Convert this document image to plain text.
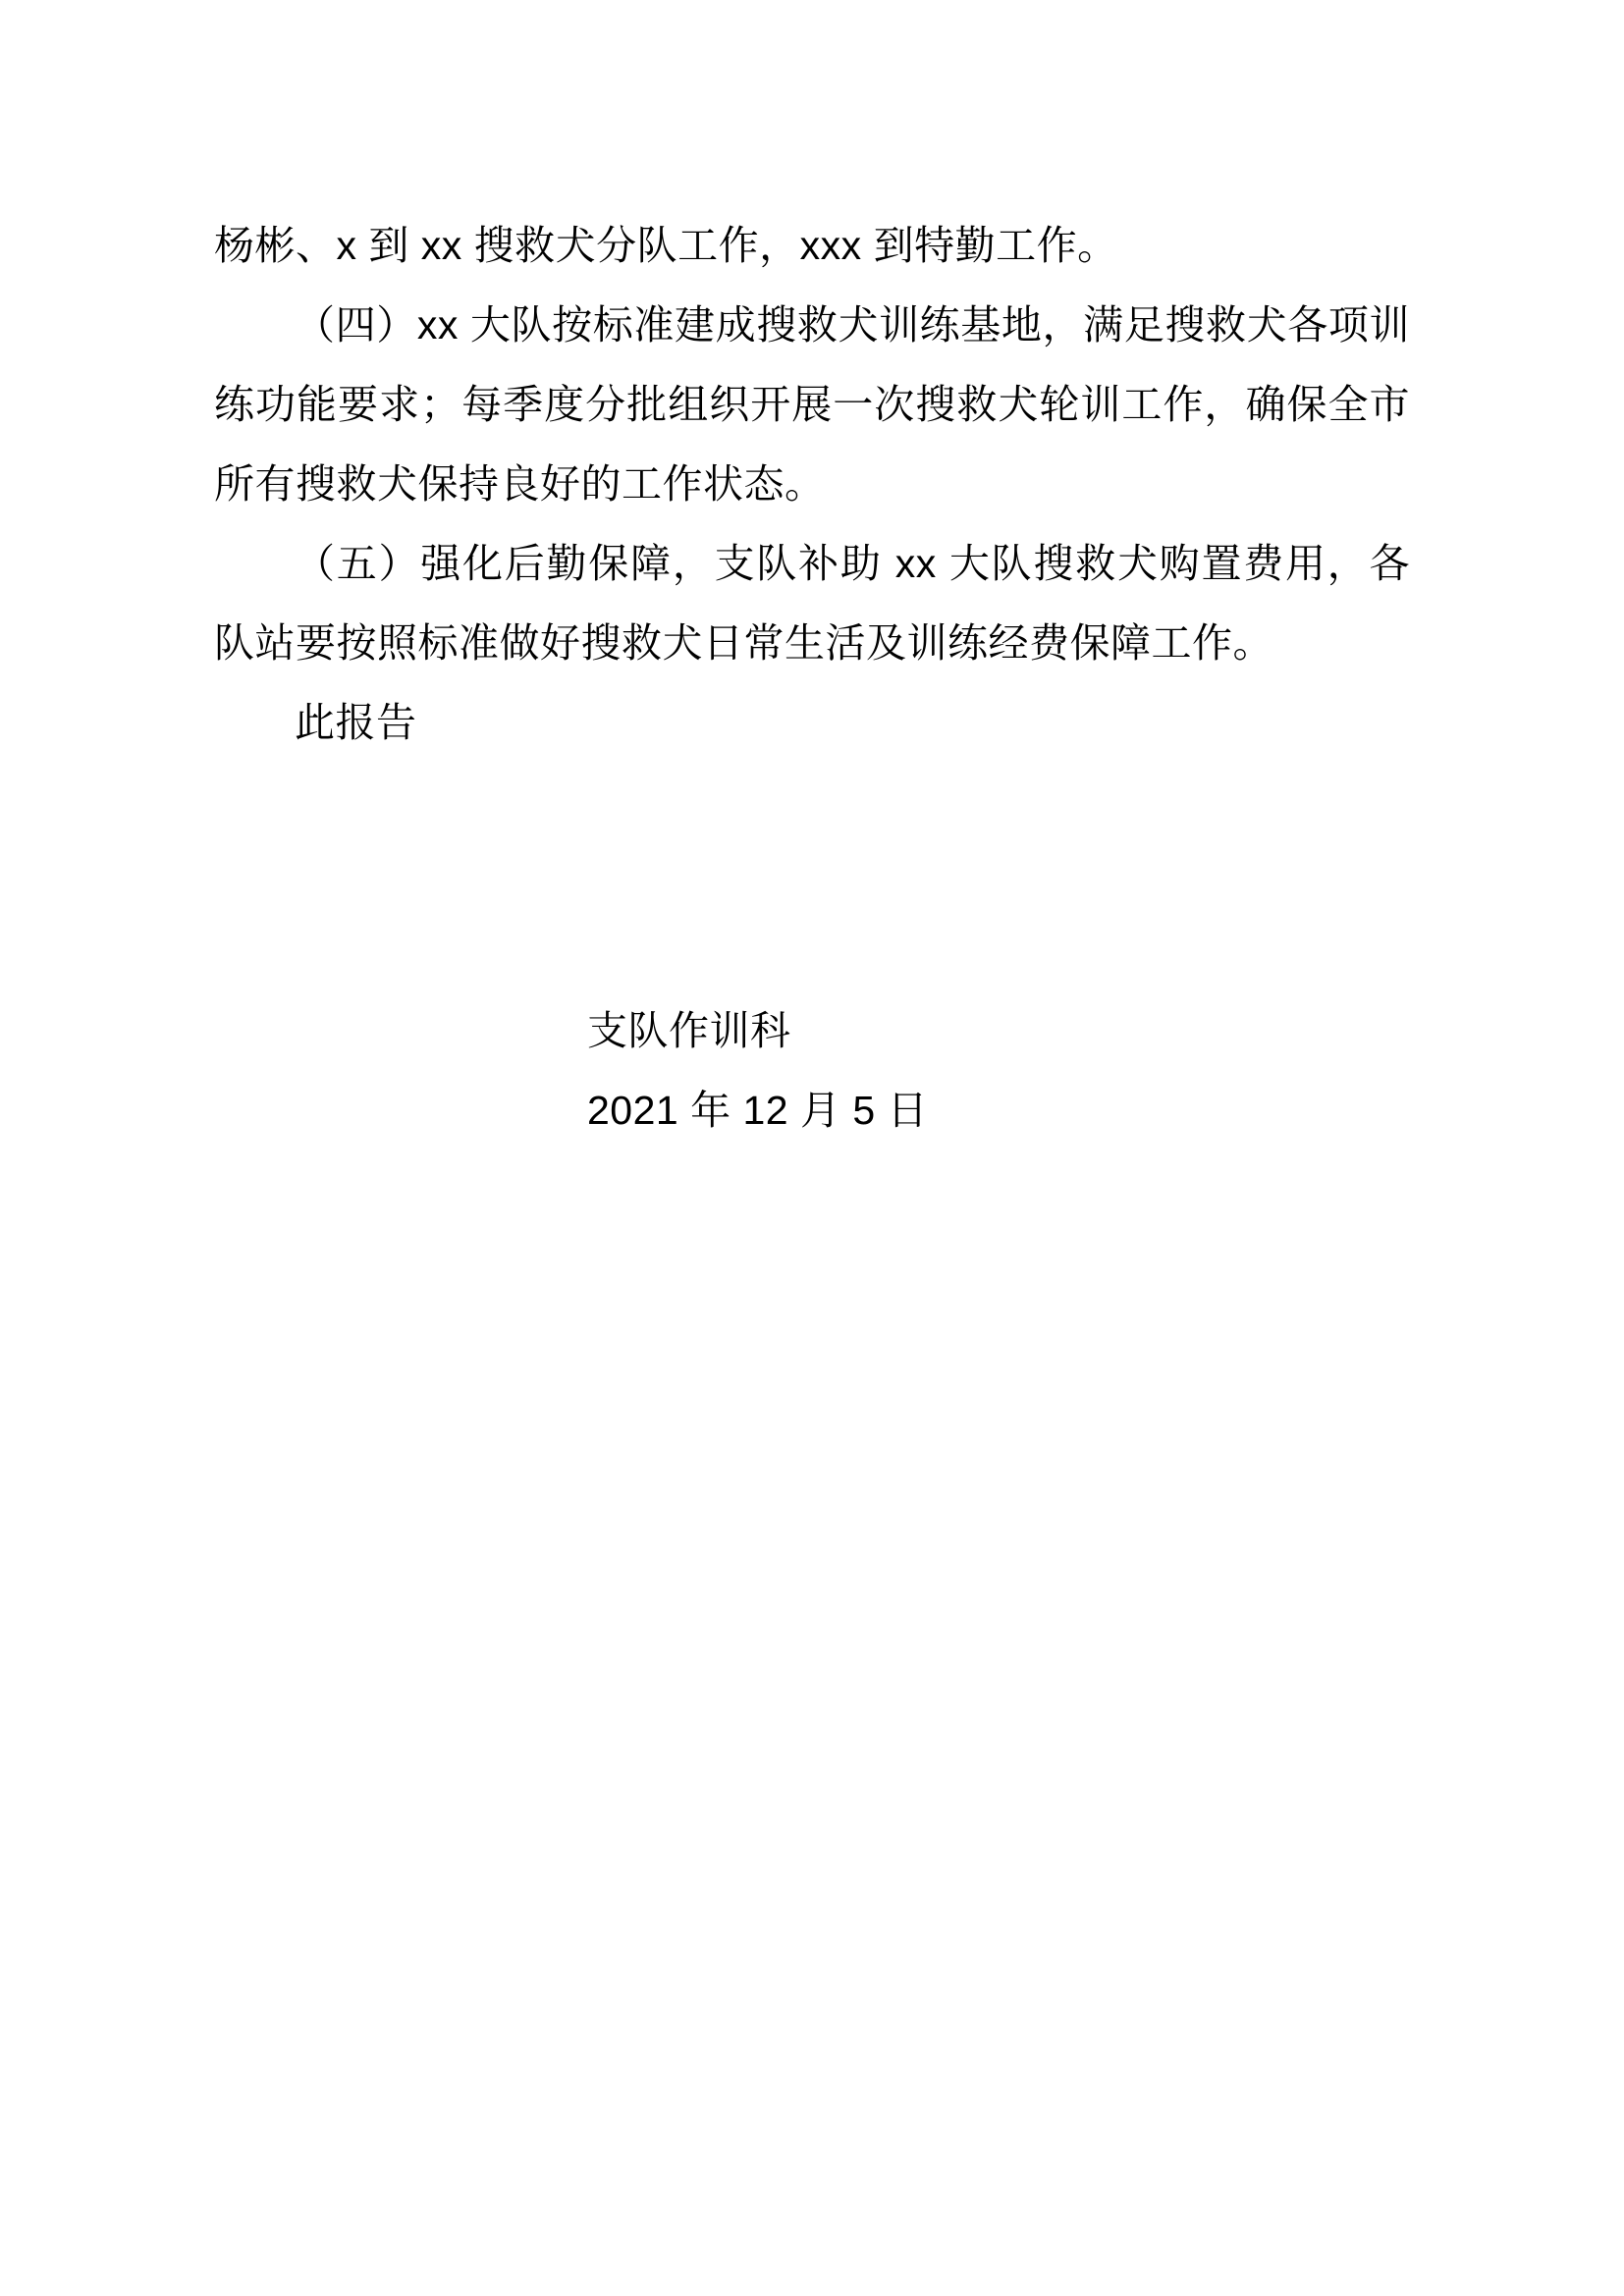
杨彬、x 到 xx 搜救犬分队工作，xxx 到特勤工作。

（四）xx 大队按标准建成搜救犬训练基地，满足搜救犬各项训练功能要求；每季度分批组织开展一次搜救犬轮训工作，确保全市所有搜救犬保持良好的工作状态。

（五）强化后勤保障，支队补助 xx 大队搜救犬购置费用，各队站要按照标准做好搜救犬日常生活及训练经费保障工作。

此报告

支队作训科
2021 年 12 月 5 日
